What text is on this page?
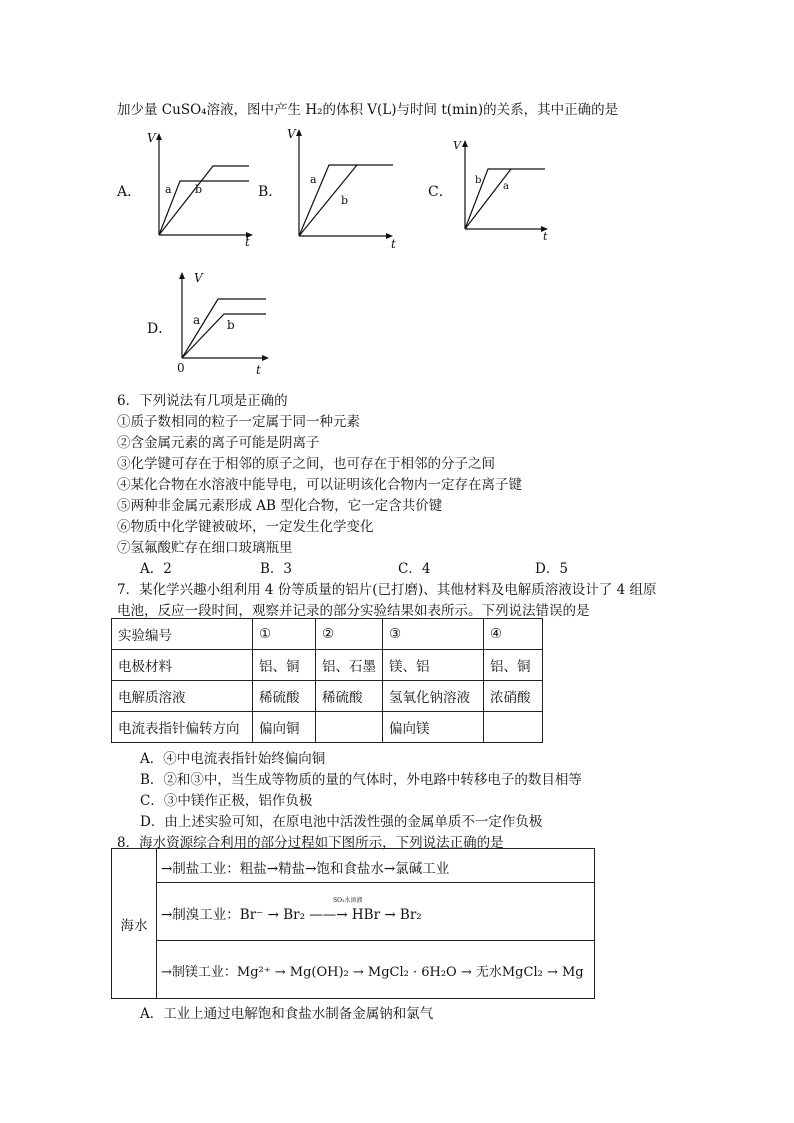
加少量 CuSO₄溶液，图中产生 H₂的体积 V(L)与时间 t(min)的关系，其中正确的是
A．
V
t
a b	B．
V
t
a
b
C．
V
t
b
a
D．
V
0	t
a b
6．下列说法有几项是正确的
①质子数相同的粒子一定属于同一种元素
②含金属元素的离子可能是阴离子
③化学键可存在于相邻的原子之间，也可存在于相邻的分子之间
④某化合物在水溶液中能导电，可以证明该化合物内一定存在离子键
⑤两种非金属元素形成 AB 型化合物，它一定含共价键
⑥物质中化学键被破坏，一定发生化学变化
⑦氢氟酸贮存在细口玻璃瓶里
A．2	B．3	C．4	D．5
7．某化学兴趣小组利用 4 份等质量的铝片(已打磨)、其他材料及电解质溶液设计了 4 组原
电池，反应一段时间，观察并记录的部分实验结果如表所示。下列说法错误的是
实验编号	①	②	③	④
电极材料	铝、铜	铝、石墨	镁、铝	铝、铜
电解质溶液	稀硫酸	稀硫酸	氢氧化钠溶液	浓硝酸
电流表指针偏转方向	偏向铜		偏向镁	
A．④中电流表指针始终偏向铜
B．②和③中，当生成等物质的量的气体时，外电路中转移电子的数目相等
C．③中镁作正极，铝作负极
D．由上述实验可知，在原电池中活泼性强的金属单质不一定作负极
8．海水资源综合利用的部分过程如下图所示，下列说法正确的是
海水
→制盐工业：粗盐→精盐→饱和食盐水→氯碱工业
SO₂水溶液
→制溴工业：Br⁻ → Br₂ ——→ HBr → Br₂
→制镁工业：Mg²⁺ → Mg(OH)₂ → MgCl₂ · 6H₂O → 无水MgCl₂ → Mg
A．工业上通过电解饱和食盐水制备金属钠和氯气
